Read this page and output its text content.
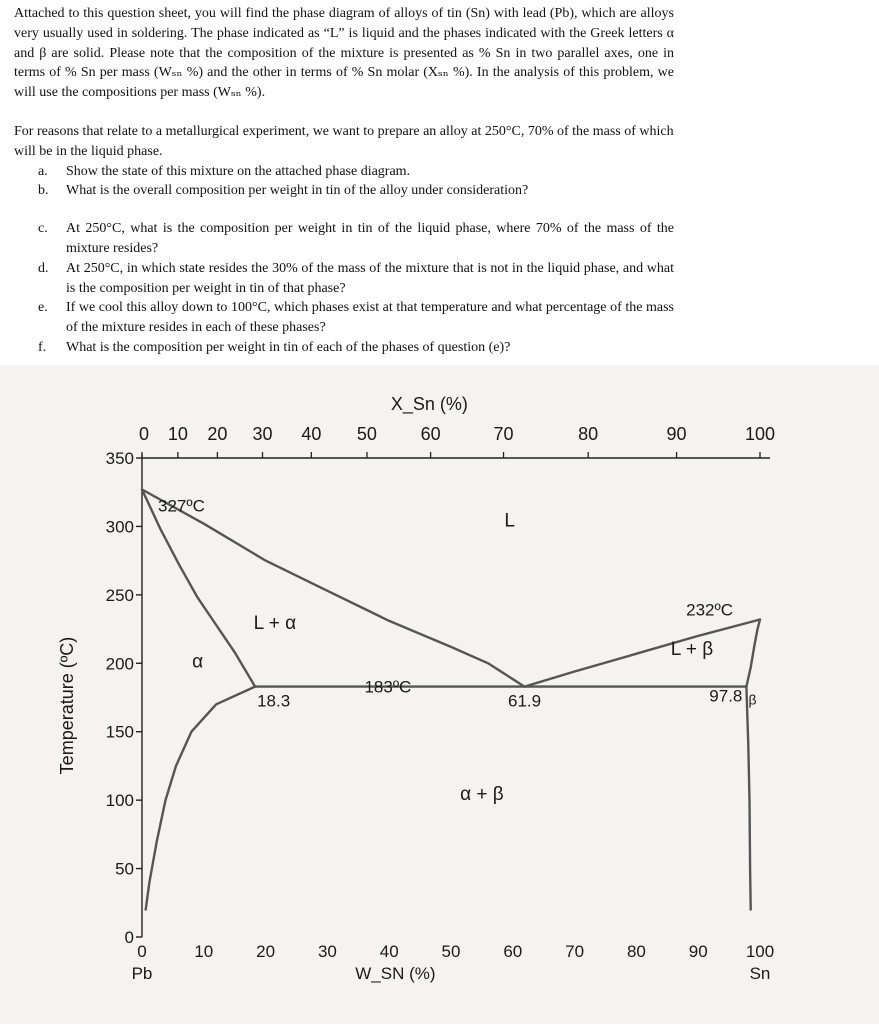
Attached to this question sheet, you will find the phase diagram of alloys of tin (Sn) with lead (Pb), which are alloys very usually used in soldering. The phase indicated as “L” is liquid and the phases indicated with the Greek letters α and β are solid. Please note that the composition of the mixture is presented as % Sn in two parallel axes, one in terms of % Sn per mass (Wₛₙ %) and the other in terms of % Sn molar (Xₛₙ %). In the analysis of this problem, we will use the compositions per mass (Wₛₙ %).

For reasons that relate to a metallurgical experiment, we want to prepare an alloy at 250°C, 70% of the mass of which will be in the liquid phase.

a. Show the state of this mixture on the attached phase diagram.
b. What is the overall composition per weight in tin of the alloy under consideration?
c. At 250°C, what is the composition per weight in tin of the liquid phase, where 70% of the mass of the mixture resides?
d. At 250°C, in which state resides the 30% of the mass of the mixture that is not in the liquid phase, and what is the composition per weight in tin of that phase?
e. If we cool this alloy down to 100°C, which phases exist at that temperature and what percentage of the mass of the mixture resides in each of these phases?
f. What is the composition per weight in tin of each of the phases of question (e)?
0
50
100
150
200
250
300
350
Temperature (ºC)
0 10 20 30 40 50 60	70	80	90	100
X_Sn (%)
0	10	20	30	40	50	60	70	80	90 100
Pb	Sn
W_SN (%)
327ºC
232ºC
183ºC
18.3	61.9	97.8
L
L + α
α
L + β
β
α + β
